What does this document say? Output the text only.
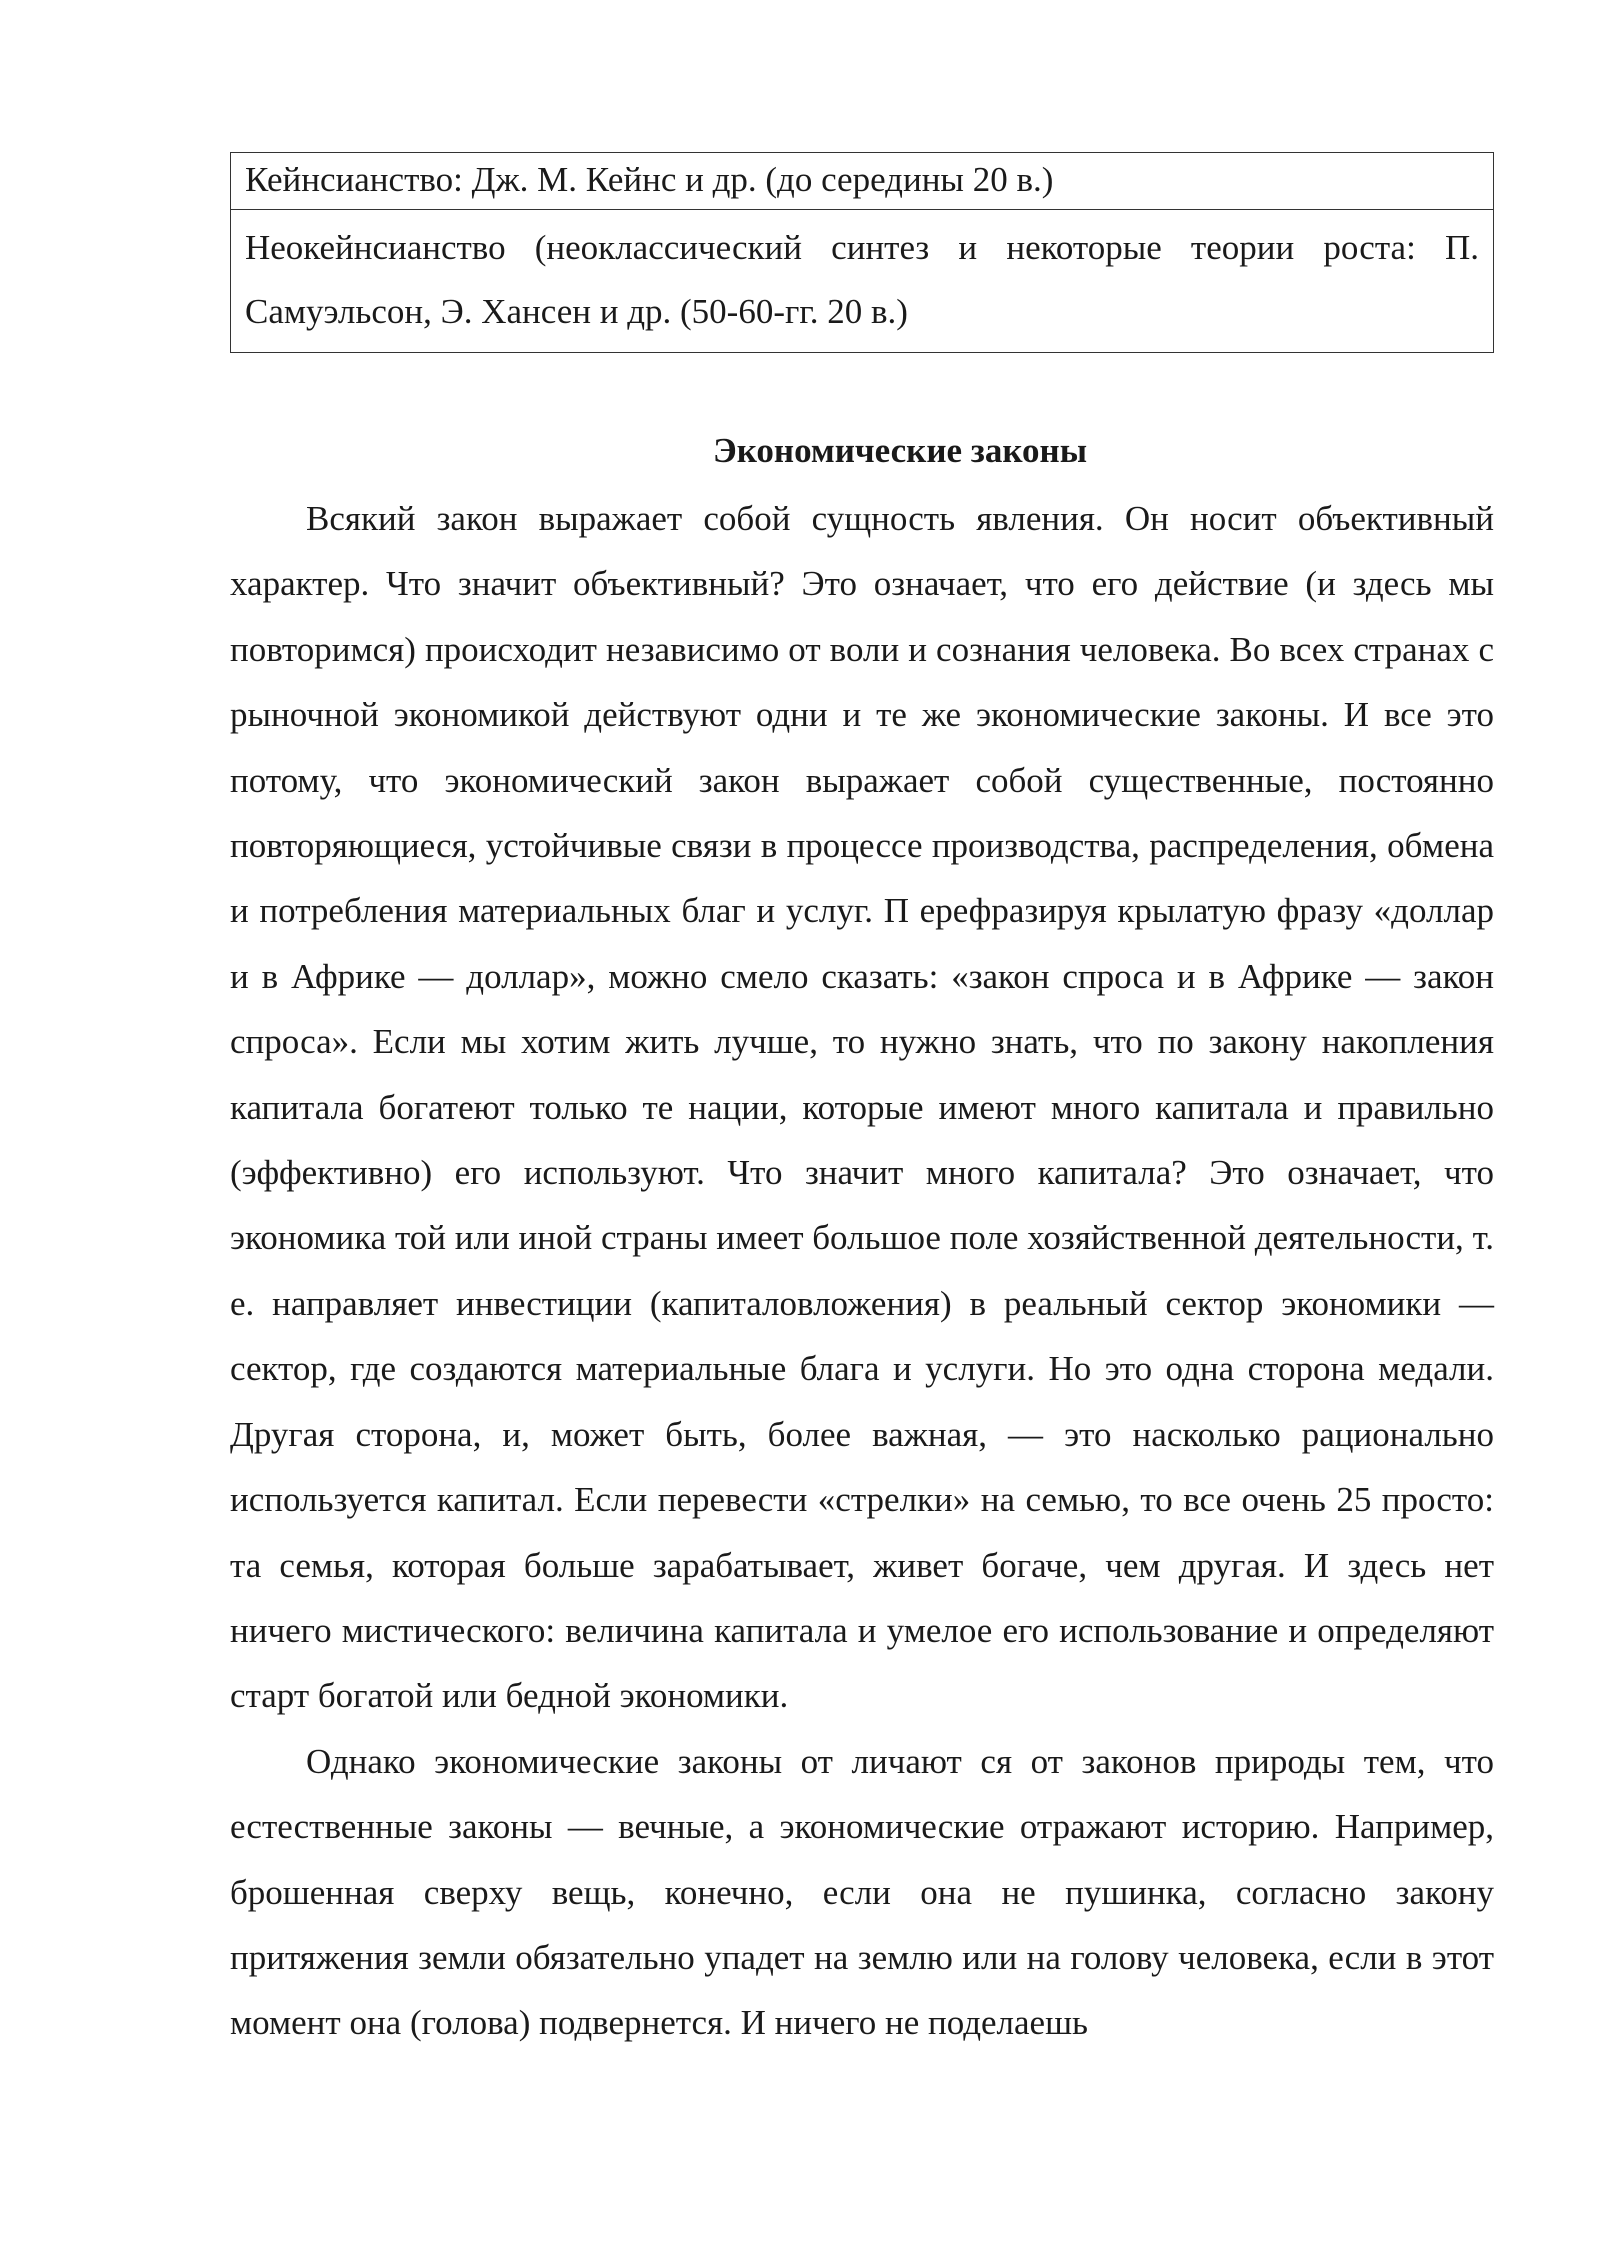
Кейнсианство: Дж. М. Кейнс и др. (до середины 20 в.)
Неокейнсианство (неоклассический синтез и некоторые теории роста: П. Самуэльсон, Э. Хансен и др. (50-60-гг. 20 в.)
Экономические законы

Всякий закон выражает собой сущность явления. Он носит объективный характер. Что значит объективный? Это означает, что его действие (и здесь мы повторимся) происходит независимо от воли и сознания человека. Во всех странах с рыночной экономикой действуют одни и те же экономические законы. И все это потому, что экономический закон выражает собой существенные, постоянно повторяющиеся, устойчивые связи в процессе производства, распределения, обмена и потребления материальных благ и услуг. П ерефразируя крылатую фразу «доллар и в Африке — доллар», можно смело сказать: «закон спроса и в Африке — закон спроса». Если мы хотим жить лучше, то нужно знать, что по закону накопления капитала богатеют только те нации, которые имеют много капитала и правильно (эффективно) его используют. Что значит много капитала? Это означает, что экономика той или иной страны имеет большое поле хозяйственной деятельности, т. е. направляет инвестиции (капиталовложения) в реальный сектор экономики — сектор, где создаются материальные блага и услуги. Но это одна сторона медали. Другая сторона, и, может быть, более важная, — это насколько рационально используется капитал. Если перевести «стрелки» на семью, то все очень 25 просто: та семья, которая больше зарабатывает, живет богаче, чем другая. И здесь нет ничего мистического: величина капитала и умелое его использование и определяют старт богатой или бедной экономики.

Однако экономические законы от личают ся от законов природы тем, что естественные законы — вечные, а экономические отражают историю. Например, брошенная сверху вещь, конечно, если она не пушинка, согласно закону притяжения земли обязательно упадет на землю или на голову человека, если в этот момент она (голова) подвернется. И ничего не поделаешь
